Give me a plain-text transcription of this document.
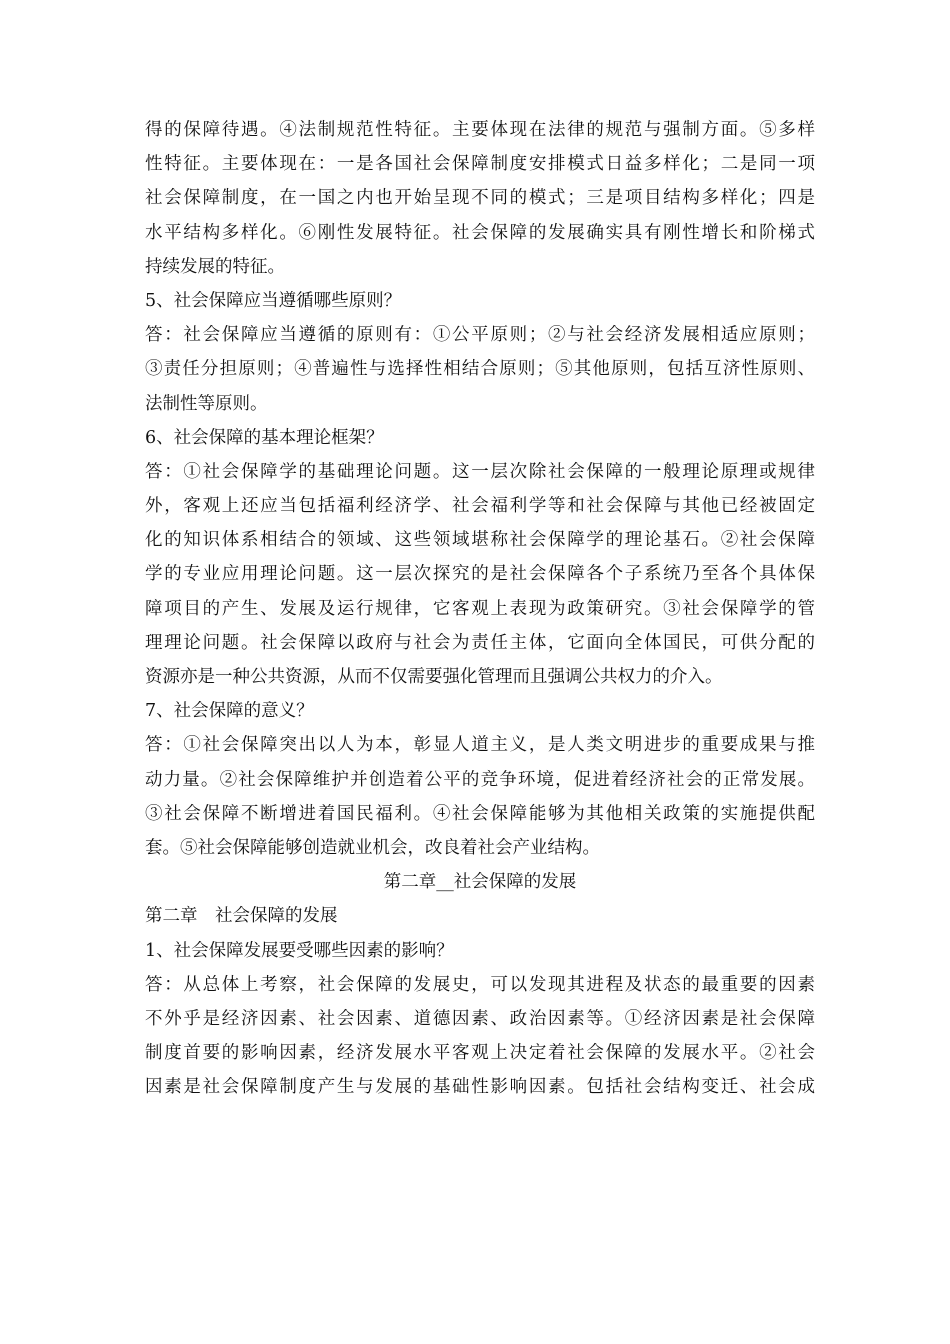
得的保障待遇。④法制规范性特征。主要体现在法律的规范与强制方面。⑤多样
性特征。主要体现在：一是各国社会保障制度安排模式日益多样化；二是同一项
社会保障制度，在一国之内也开始呈现不同的模式；三是项目结构多样化；四是
水平结构多样化。⑥刚性发展特征。社会保障的发展确实具有刚性增长和阶梯式
持续发展的特征。
5、社会保障应当遵循哪些原则？
答：社会保障应当遵循的原则有：①公平原则；②与社会经济发展相适应原则；
③责任分担原则；④普遍性与选择性相结合原则；⑤其他原则，包括互济性原则、
法制性等原则。
6、社会保障的基本理论框架？
答：①社会保障学的基础理论问题。这一层次除社会保障的一般理论原理或规律
外，客观上还应当包括福利经济学、社会福利学等和社会保障与其他已经被固定
化的知识体系相结合的领域、这些领域堪称社会保障学的理论基石。②社会保障
学的专业应用理论问题。这一层次探究的是社会保障各个子系统乃至各个具体保
障项目的产生、发展及运行规律，它客观上表现为政策研究。③社会保障学的管
理理论问题。社会保障以政府与社会为责任主体，它面向全体国民，可供分配的
资源亦是一种公共资源，从而不仅需要强化管理而且强调公共权力的介入。
7、社会保障的意义？
答：①社会保障突出以人为本，彰显人道主义，是人类文明进步的重要成果与推
动力量。②社会保障维护并创造着公平的竞争环境，促进着经济社会的正常发展。
③社会保障不断增进着国民福利。④社会保障能够为其他相关政策的实施提供配
套。⑤社会保障能够创造就业机会，改良着社会产业结构。
第二章__社会保障的发展
第二章　社会保障的发展
1、社会保障发展要受哪些因素的影响？
答：从总体上考察，社会保障的发展史，可以发现其进程及状态的最重要的因素
不外乎是经济因素、社会因素、道德因素、政治因素等。①经济因素是社会保障
制度首要的影响因素，经济发展水平客观上决定着社会保障的发展水平。②社会
因素是社会保障制度产生与发展的基础性影响因素。包括社会结构变迁、社会成
